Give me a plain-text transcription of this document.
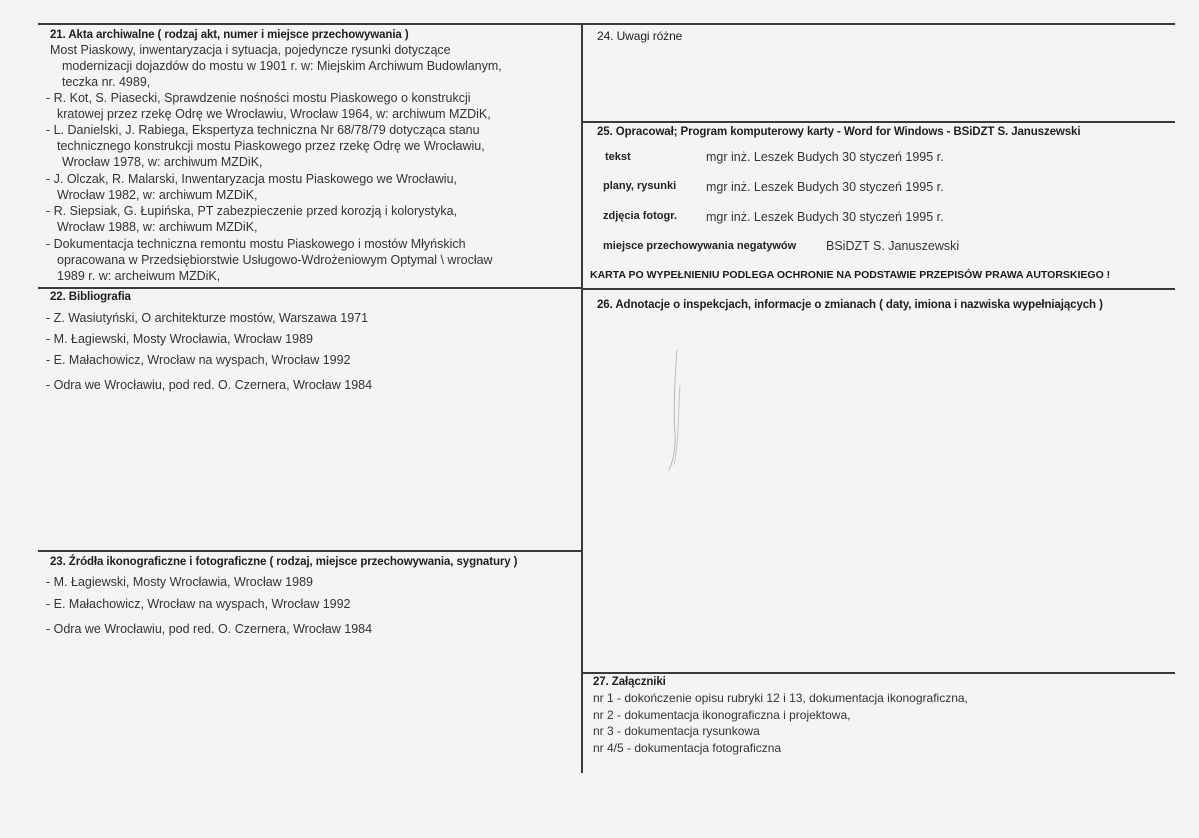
21. Akta archiwalne ( rodzaj akt, numer i miejsce przechowywania )
Most Piaskowy, inwentaryzacja i sytuacja, pojedyncze rysunki dotyczące
modernizacji dojazdów do mostu w 1901 r. w: Miejskim Archiwum Budowlanym,
teczka nr. 4989,
- R. Kot, S. Piasecki, Sprawdzenie nośności mostu Piaskowego o konstrukcji
kratowej przez rzekę Odrę we Wrocławiu, Wrocław 1964, w: archiwum MZDiK,
- L. Danielski, J. Rabiega, Ekspertyza techniczna Nr 68/78/79 dotycząca stanu
technicznego konstrukcji mostu Piaskowego przez rzekę Odrę we Wrocławiu,
Wrocław 1978, w: archiwum MZDiK,
- J. Olczak, R. Malarski, Inwentaryzacja mostu Piaskowego we Wrocławiu,
Wrocław 1982, w: archiwum MZDiK,
- R. Siepsiak, G. Łupińska, PT zabezpieczenie przed korozją i kolorystyka,
Wrocław 1988, w: archiwum MZDiK,
- Dokumentacja techniczna remontu mostu Piaskowego i mostów Młyńskich
opracowana w Przedsiębiorstwie Usługowo-Wdrożeniowym Optymal \ wrocław
1989 r. w: archeiwum MZDiK,
22. Bibliografia
- Z. Wasiutyński, O architekturze mostów, Warszawa 1971
- M. Łagiewski, Mosty Wrocławia, Wrocław 1989
- E. Małachowicz, Wrocław na wyspach, Wrocław 1992
- Odra we Wrocławiu, pod red. O. Czernera, Wrocław 1984
23. Źródła ikonograficzne i fotograficzne ( rodzaj, miejsce przechowywania, sygnatury )
- M. Łagiewski, Mosty Wrocławia, Wrocław 1989
- E. Małachowicz, Wrocław na wyspach, Wrocław 1992
- Odra we Wrocławiu, pod red. O. Czernera, Wrocław 1984
24. Uwagi różne
25. Opracował; Program komputerowy karty - Word for Windows - BSiDZT S. Januszewski
tekst	mgr inż. Leszek Budych 30 styczeń 1995 r.
plany, rysunki mgr inż. Leszek Budych 30 styczeń 1995 r.
zdjęcia fotogr. mgr inż. Leszek Budych 30 styczeń 1995 r.
miejsce przechowywania negatywów BSiDZT S. Januszewski
KARTA PO WYPEŁNIENIU PODLEGA OCHRONIE NA PODSTAWIE PRZEPISÓW PRAWA AUTORSKIEGO !
26. Adnotacje o inspekcjach, informacje o zmianach ( daty, imiona i nazwiska wypełniających )
27. Załączniki
nr 1 - dokończenie opisu rubryki 12 i 13, dokumentacja ikonograficzna,
nr 2 - dokumentacja ikonograficzna i projektowa,
nr 3 - dokumentacja rysunkowa
nr 4/5 - dokumentacja fotograficzna
